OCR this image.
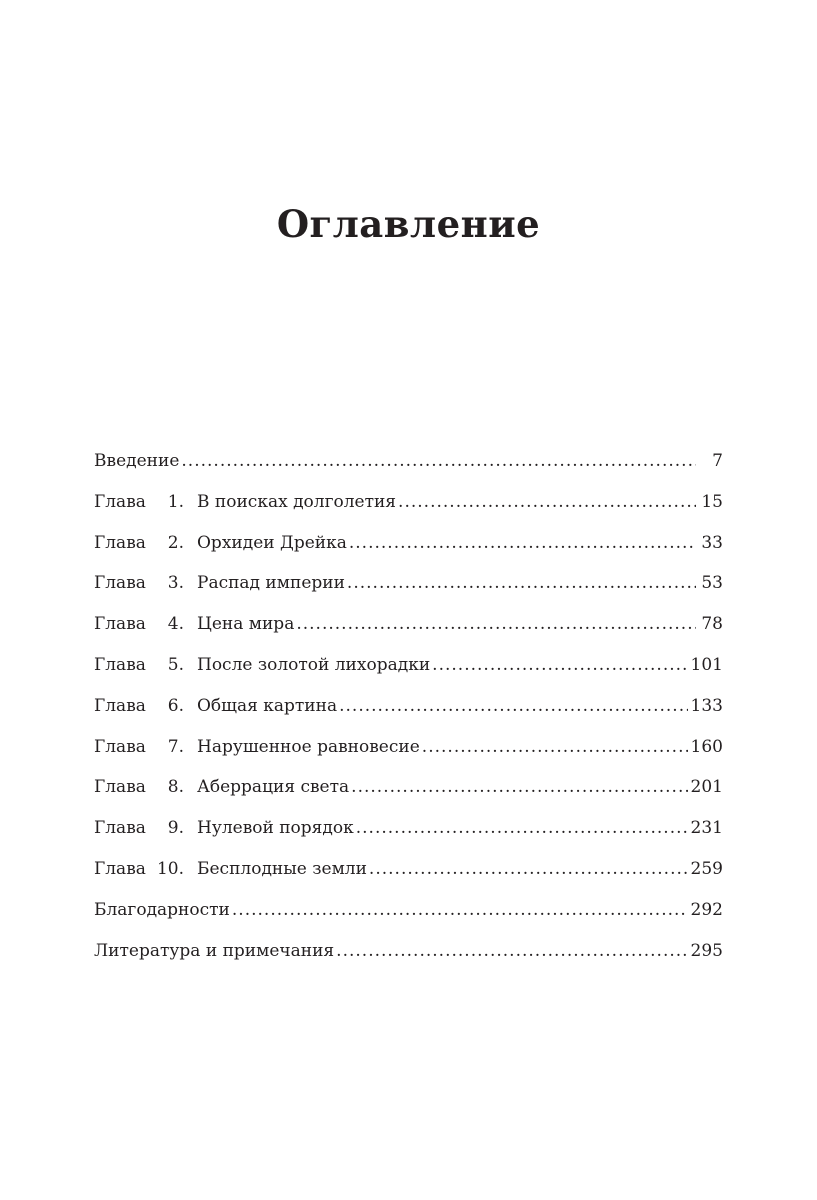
Оглавление
Введение . . .	7
Глава 1. В поисках долголетия . . .	15
Глава 2. Орхидеи Дрейка . . .	33
Глава 3. Распад империи . . .	53
Глава 4. Цена мира . . .	78
Глава 5. После золотой лихорадки . . .	101
Глава 6. Общая картина . . .	133
Глава 7. Нарушенное равновесие . . .	160
Глава 8. Аберрация света . . .	201
Глава 9. Нулевой порядок . . .	231
Глава 10. Бесплодные земли . . .	259
Благодарности . . .	292
Литература и примечания . . .	295
